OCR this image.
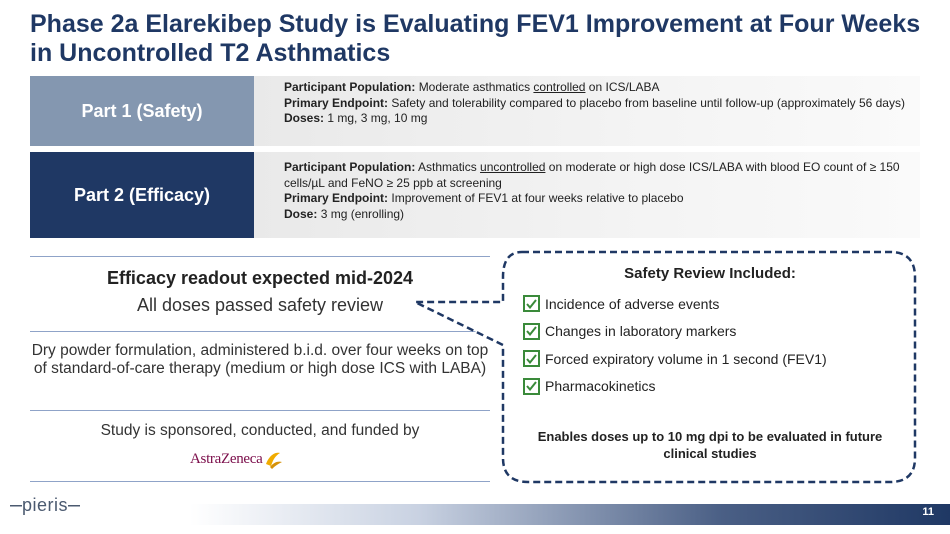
Phase 2a Elarekibep Study is Evaluating FEV1 Improvement at Four Weeks in Uncontrolled T2 Asthmatics
Part 1 (Safety)
Participant Population: Moderate asthmatics controlled on ICS/LABA
Primary Endpoint: Safety and tolerability compared to placebo from baseline until follow-up (approximately 56 days)
Doses: 1 mg, 3 mg, 10 mg
Part 2 (Efficacy)
Participant Population: Asthmatics uncontrolled on moderate or high dose ICS/LABA with blood EO count of ≥ 150 cells/µL and FeNO ≥ 25 ppb at screening
Primary Endpoint: Improvement of FEV1 at four weeks relative to placebo
Dose: 3 mg (enrolling)
Efficacy readout expected mid-2024
All doses passed safety review
Dry powder formulation, administered b.i.d. over four weeks on top of standard-of-care therapy (medium or high dose ICS with LABA)
Study is sponsored, conducted, and funded by
AstraZeneca
Safety Review Included:
Incidence of adverse events
Changes in laboratory markers
Forced expiratory volume in 1 second (FEV1)
Pharmacokinetics
Enables doses up to 10 mg dpi to be evaluated in future clinical studies
11
pieris
